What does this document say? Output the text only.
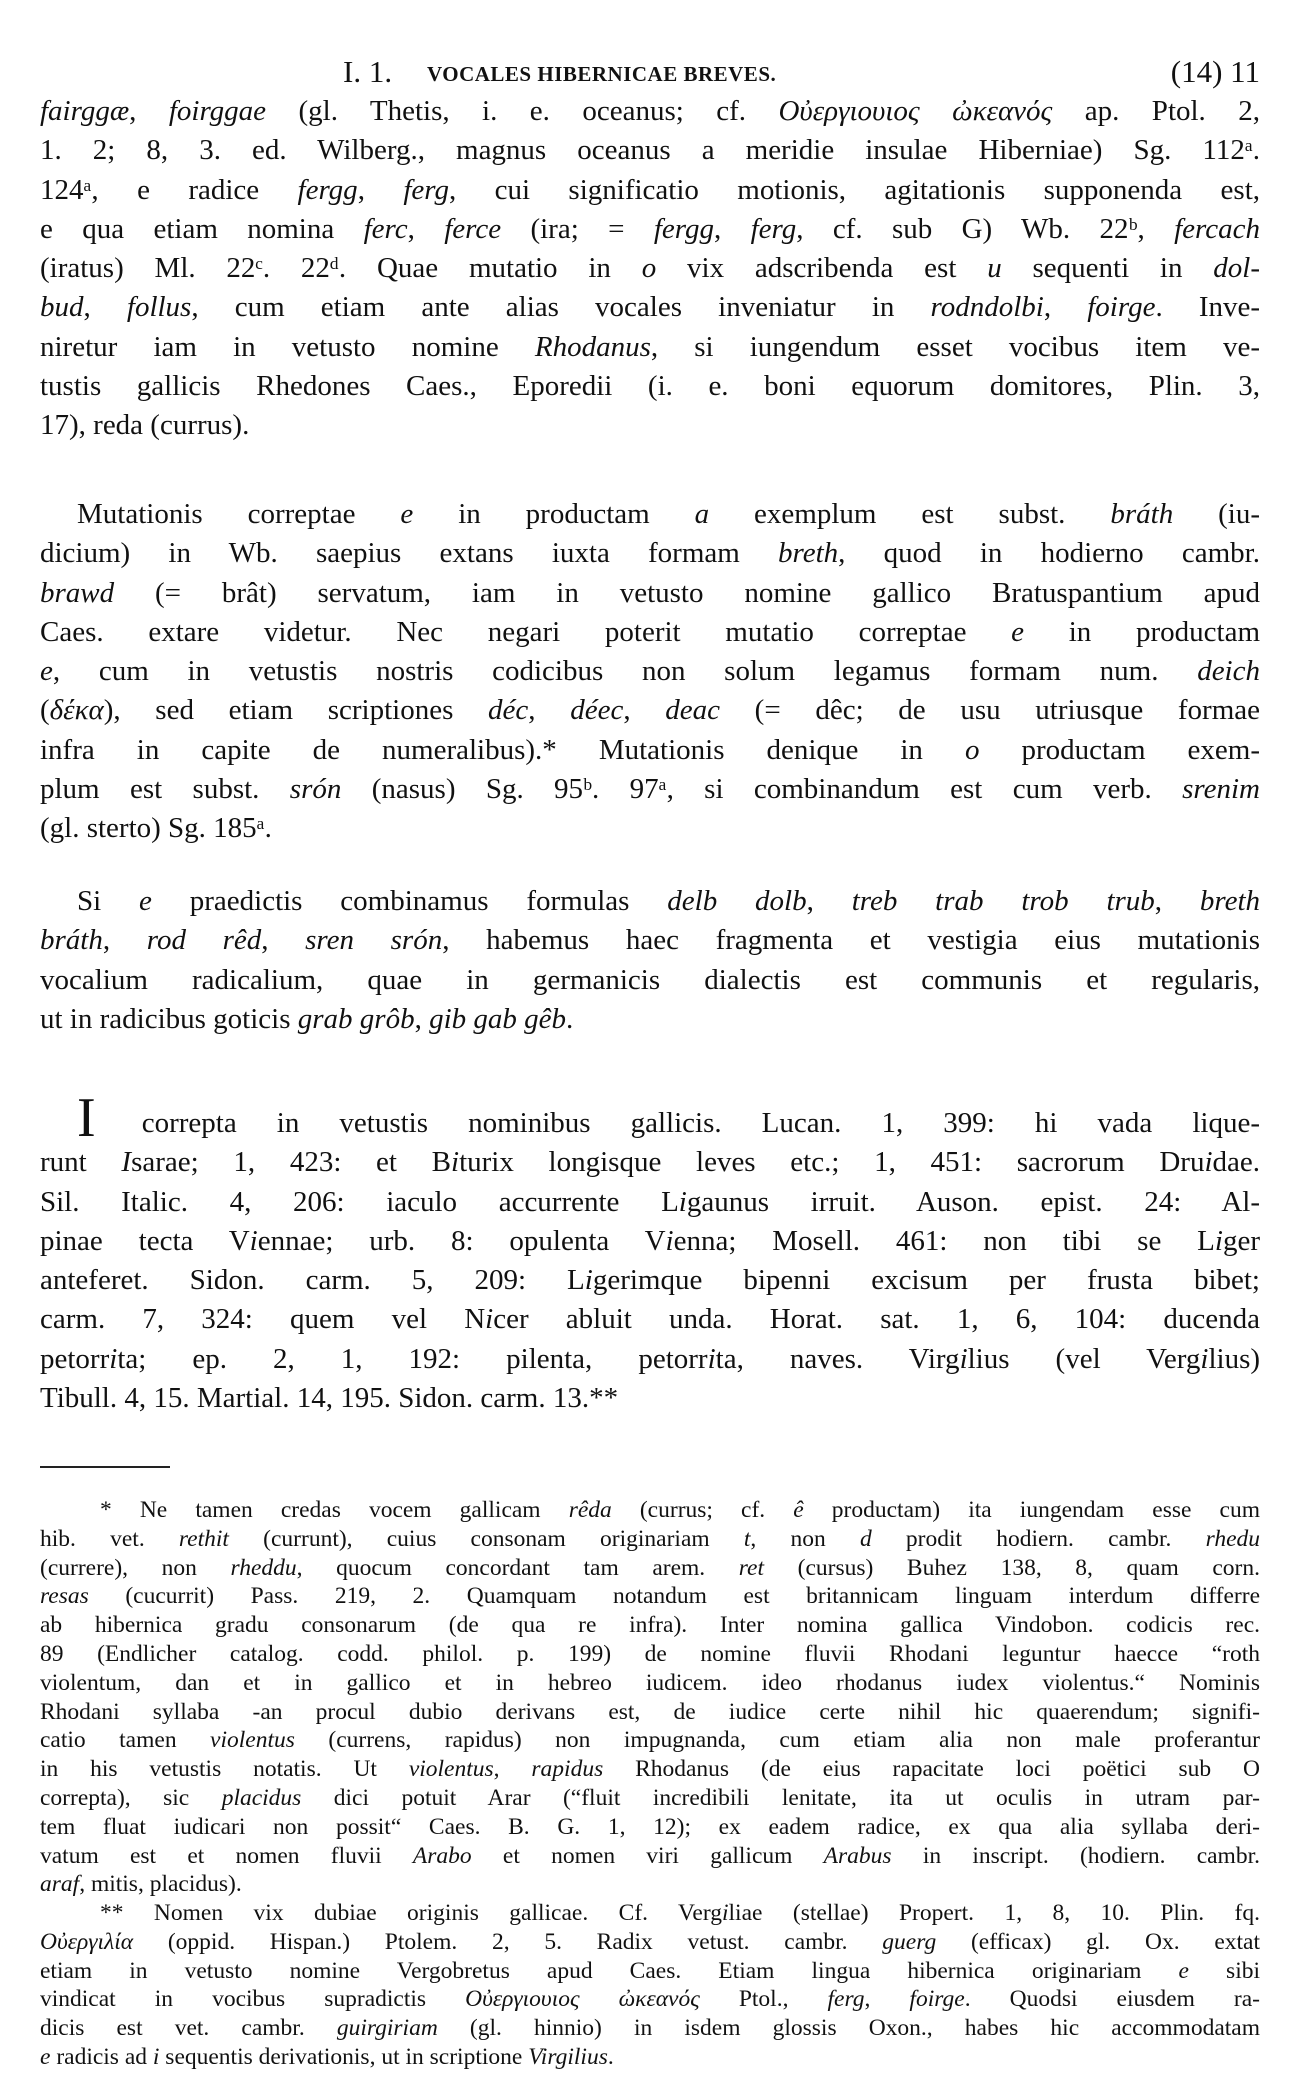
I. 1. VOCALES HIBERNICAE BREVES.	(14) 11
fairggæ, foirggae (gl. Thetis, i. e. oceanus; cf. Οὐεργιουιος ὠκεανός ap. Ptol. 2,
1. 2; 8, 3. ed. Wilberg., magnus oceanus a meridie insulae Hiberniae) Sg. 112ᵃ.
124ᵃ, e radice fergg, ferg, cui significatio motionis, agitationis supponenda est,
e qua etiam nomina ferc, ferce (ira; = fergg, ferg, cf. sub G) Wb. 22ᵇ, fercach
(iratus) Ml. 22ᶜ. 22ᵈ. Quae mutatio in o vix adscribenda est u sequenti in dol-
bud, follus, cum etiam ante alias vocales inveniatur in rodndolbi, foirge. Inve-
niretur iam in vetusto nomine Rhodanus, si iungendum esset vocibus item ve-
tustis gallicis Rhedones Caes., Eporedii (i. e. boni equorum domitores, Plin. 3,
17), reda (currus).
Mutationis correptae e in productam a exemplum est subst. bráth (iu-
dicium) in Wb. saepius extans iuxta formam breth, quod in hodierno cambr.
brawd (= brât) servatum, iam in vetusto nomine gallico Bratuspantium apud
Caes. extare videtur. Nec negari poterit mutatio correptae e in productam
e, cum in vetustis nostris codicibus non solum legamus formam num. deich
(δέκα), sed etiam scriptiones déc, déec, deac (= dêc; de usu utriusque formae
infra in capite de numeralibus).* Mutationis denique in o productam exem-
plum est subst. srón (nasus) Sg. 95ᵇ. 97ᵃ, si combinandum est cum verb. srenim
(gl. sterto) Sg. 185ᵃ.
Si e praedictis combinamus formulas delb dolb, treb trab trob trub, breth
bráth, rod rêd, sren srón, habemus haec fragmenta et vestigia eius mutationis
vocalium radicalium, quae in germanicis dialectis est communis et regularis,
ut in radicibus goticis grab grôb, gib gab gêb.
I correpta in vetustis nominibus gallicis. Lucan. 1, 399: hi vada lique-
runt Isarae; 1, 423: et Biturix longisque leves etc.; 1, 451: sacrorum Druidae.
Sil. Italic. 4, 206: iaculo accurrente Ligaunus irruit. Auson. epist. 24: Al-
pinae tecta Viennae; urb. 8: opulenta Vienna; Mosell. 461: non tibi se Liger
anteferet. Sidon. carm. 5, 209: Ligerimque bipenni excisum per frusta bibet;
carm. 7, 324: quem vel Nicer abluit unda. Horat. sat. 1, 6, 104: ducenda
petorrita; ep. 2, 1, 192: pilenta, petorrita, naves. Virgilius (vel Vergilius)
Tibull. 4, 15. Martial. 14, 195. Sidon. carm. 13.**
* Ne tamen credas vocem gallicam rêda (currus; cf. ê productam) ita iungendam esse cum
hib. vet. rethit (currunt), cuius consonam originariam t, non d prodit hodiern. cambr. rhedu
(currere), non rheddu, quocum concordant tam arem. ret (cursus) Buhez 138, 8, quam corn.
resas (cucurrit) Pass. 219, 2. Quamquam notandum est britannicam linguam interdum differre
ab hibernica gradu consonarum (de qua re infra). Inter nomina gallica Vindobon. codicis rec.
89 (Endlicher catalog. codd. philol. p. 199) de nomine fluvii Rhodani leguntur haecce “roth
violentum, dan et in gallico et in hebreo iudicem. ideo rhodanus iudex violentus.“ Nominis
Rhodani syllaba -an procul dubio derivans est, de iudice certe nihil hic quaerendum; signifi-
catio tamen violentus (currens, rapidus) non impugnanda, cum etiam alia non male proferantur
in his vetustis notatis. Ut violentus, rapidus Rhodanus (de eius rapacitate loci poëtici sub O
correpta), sic placidus dici potuit Arar (“fluit incredibili lenitate, ita ut oculis in utram par-
tem fluat iudicari non possit“ Caes. B. G. 1, 12); ex eadem radice, ex qua alia syllaba deri-
vatum est et nomen fluvii Arabo et nomen viri gallicum Arabus in inscript. (hodiern. cambr.
araf, mitis, placidus).
** Nomen vix dubiae originis gallicae. Cf. Vergiliae (stellae) Propert. 1, 8, 10. Plin. fq.
Οὐεργιλία (oppid. Hispan.) Ptolem. 2, 5. Radix vetust. cambr. guerg (efficax) gl. Ox. extat
etiam in vetusto nomine Vergobretus apud Caes. Etiam lingua hibernica originariam e sibi
vindicat in vocibus supradictis Οὐεργιουιος ὠκεανός Ptol., ferg, foirge. Quodsi eiusdem ra-
dicis est vet. cambr. guirgiriam (gl. hinnio) in isdem glossis Oxon., habes hic accommodatam
e radicis ad i sequentis derivationis, ut in scriptione Virgilius.
